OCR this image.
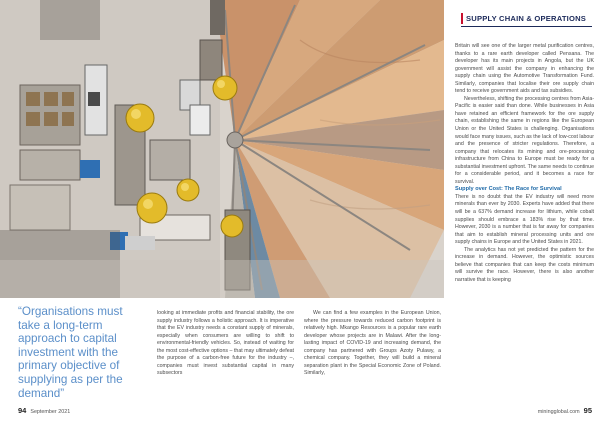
SUPPLY CHAIN & OPERATIONS

Britain will see one of the larger metal purification centres, thanks to a rare earth developer called Pensana. The developer has its main projects in Angola, but the UK government will assist the company in enhancing the supply chain using the Automotive Transformation Fund. Similarly, companies that localise their ore supply chain tend to receive government aids and tax subsidies.

Nevertheless, shifting the processing centres from Asia-Pacific is easier said than done. While businesses in Asia have retained an efficient framework for the ore supply chain, establishing the same in regions like the European Union or the United States is challenging. Organisations would face many issues, such as the lack of low-cost labour and the presence of stricter regulations. Therefore, a company that relocates its mining and ore-processing infrastructure from China to Europe must be ready for a substantial investment upfront. The same needs to continue for a considerable period, and it becomes a race for survival.

Supply over Cost: The Race for Survival

There is no doubt that the EV industry will need more minerals than ever by 2030. Experts have added that there will be a 637% demand increase for lithium, while cobalt supplies should embrace a 183% rise by that time. However, 2030 is a number that is far away for companies that aim to establish mineral processing units and ore supply chains in Europe and the United States in 2021.

The analytics has not yet predicted the pattern for the increase in demand. However, the optimistic sources believe that companies that can keep the costs minimum will survive the race. However, there is also another narrative that is keeping

“Organisations must take a long-term approach to capital investment with the primary objective of supplying as per the demand”

looking at immediate profits and financial stability, the ore supply industry follows a holistic approach. It is imperative that the EV industry needs a constant supply of minerals, especially when consumers are willing to shift to environmental-friendly vehicles. So, instead of waiting for the most cost-effective options – that may ultimately defeat the purpose of a carbon-free future for the industry –, companies must invest substantial capital in many subsectors

We can find a few examples in the European Union, where the pressure towards reduced carbon footprint is relatively high. Mkango Resources is a popular rare earth developer whose projects are in Malawi. After the long-lasting impact of COVID-19 and increasing demand, the company has partnered with Groups Azoty Pulawy, a chemical company. Together, they will build a mineral separation plant in the Special Economic Zone of Poland. Similarly,

94 September 2021	miningglobal.com 95
